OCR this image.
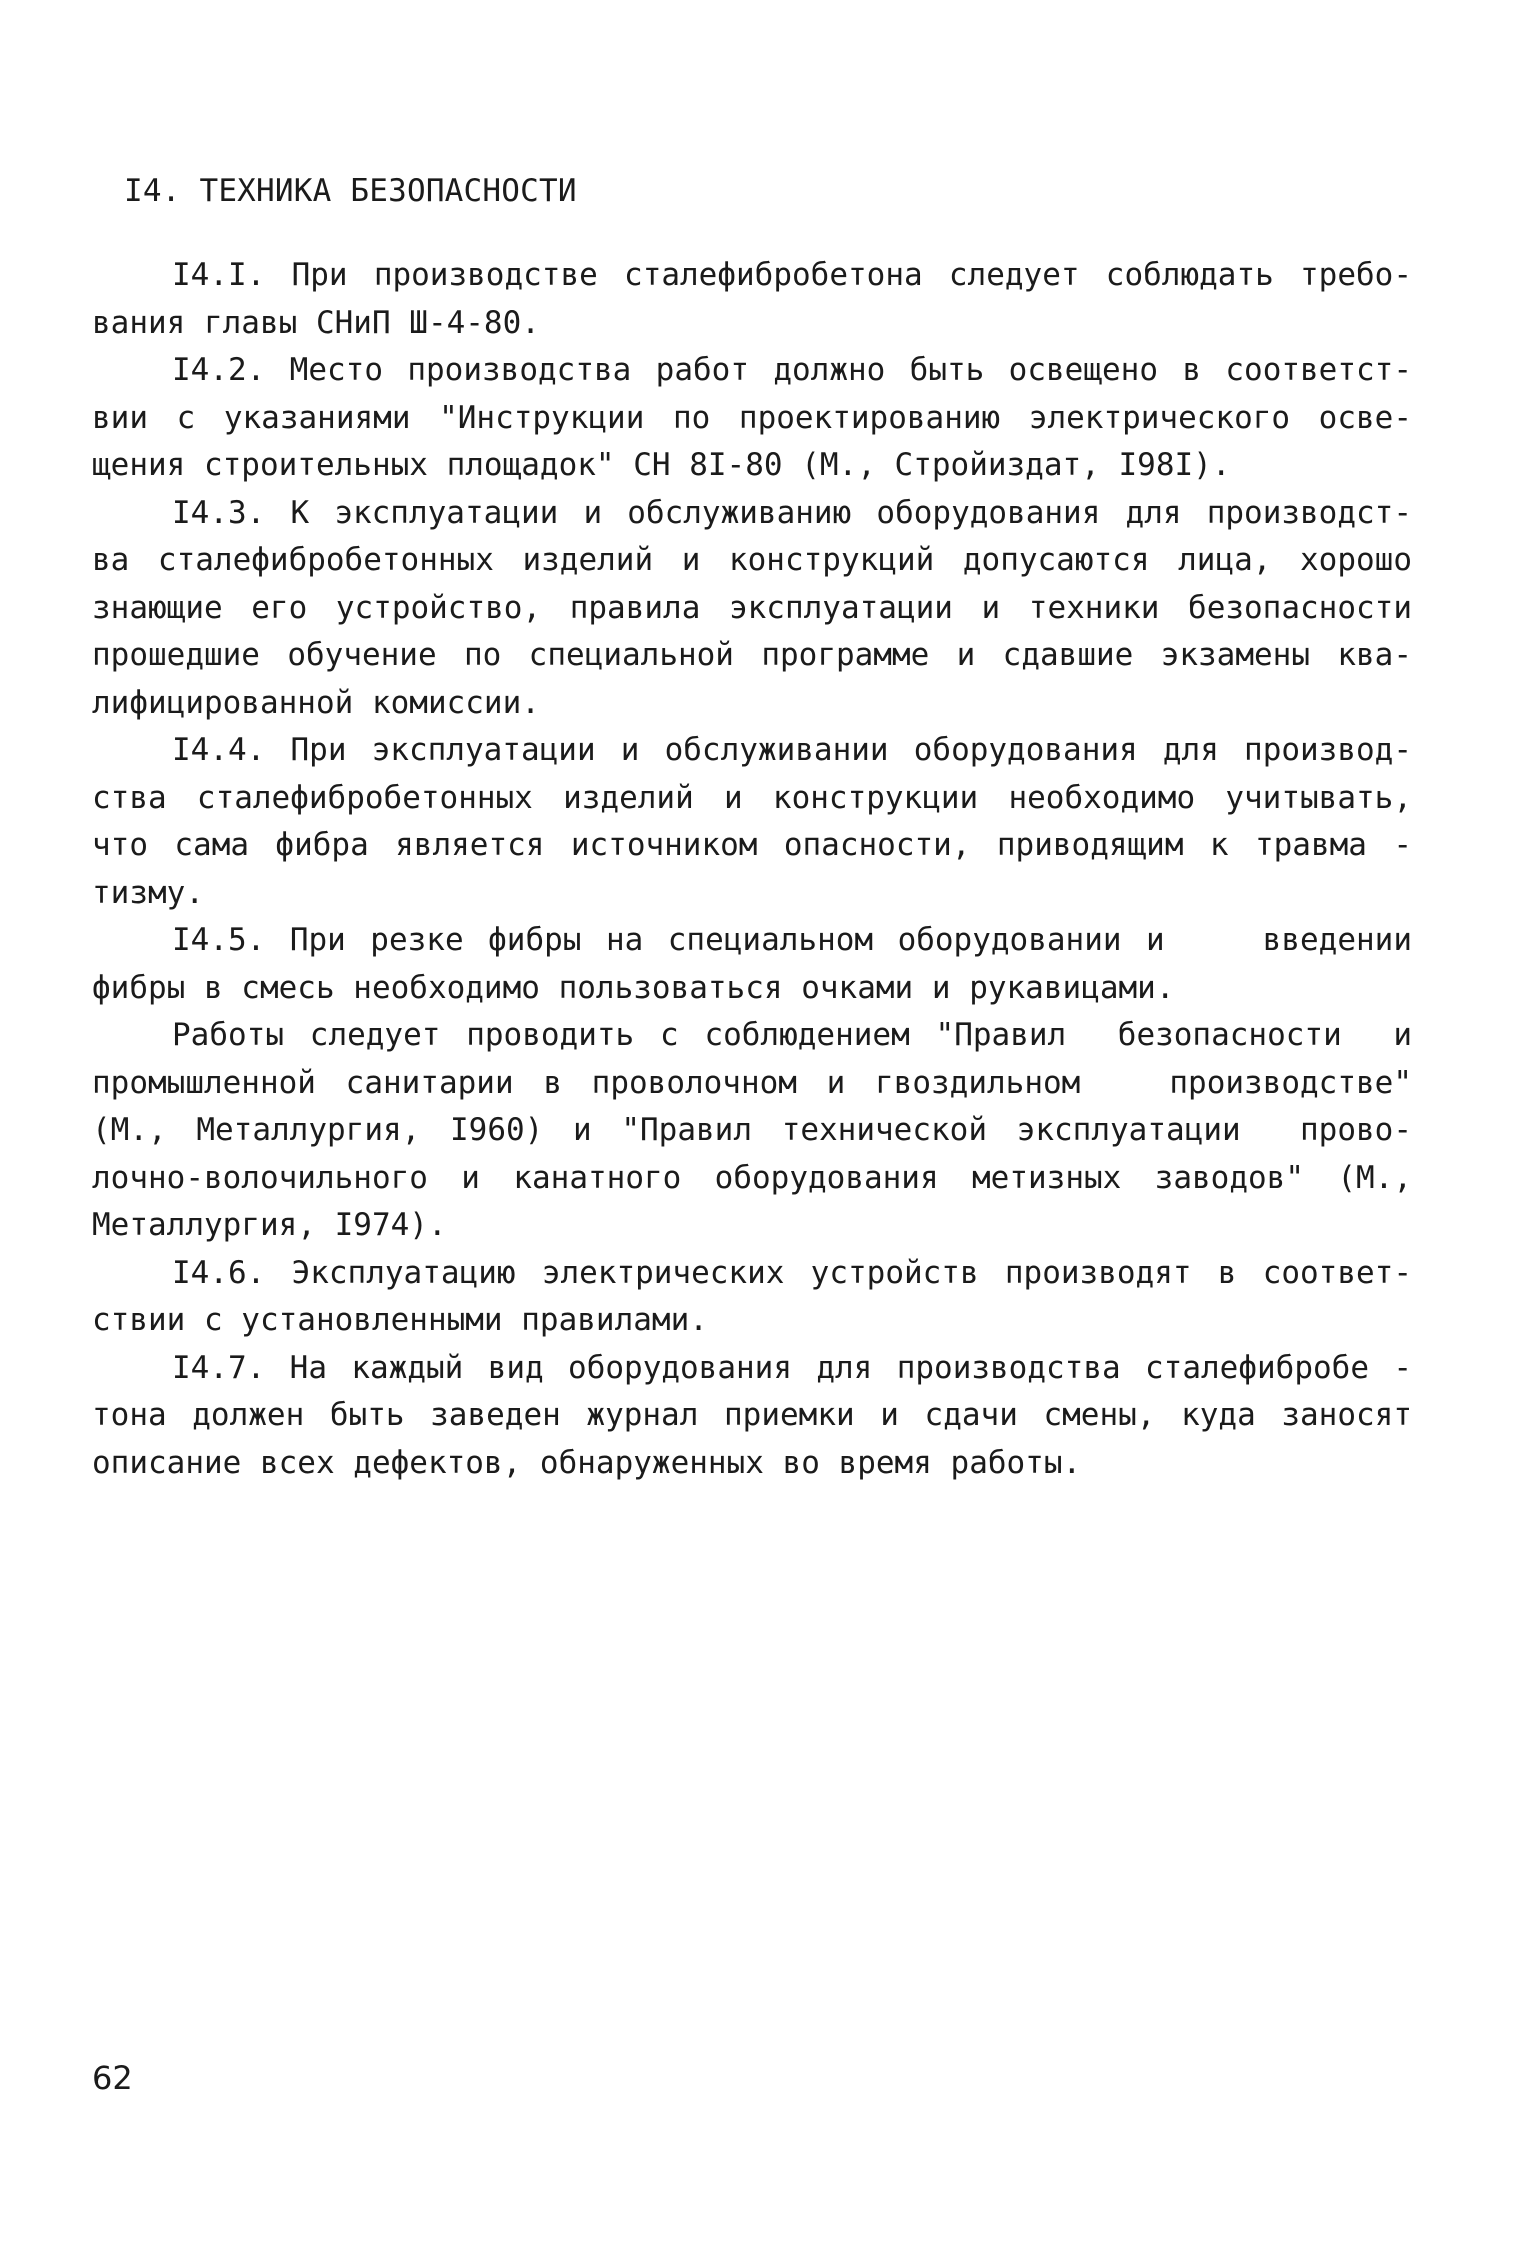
I4. ТЕХНИКА БЕЗОПАСНОСТИ
I4.I. При производстве сталефибробетона следует соблюдать требо-
вания главы СНиП Ш-4-80.
I4.2. Место производства работ должно быть освещено в соответст-
вии с указаниями "Инструкции по проектированию электрического осве-
щения строительных площадок" СН 8I-80 (М., Стройиздат, I98I).
I4.3. К эксплуатации и обслуживанию оборудования для производст-
ва сталефибробетонных изделий и конструкций допусаются лица, хорошо
знающие его устройство, правила эксплуатации и техники безопасности
прошедшие обучение по специальной программе и сдавшие экзамены ква-
лифицированной комиссии.
I4.4. При эксплуатации и обслуживании оборудования для производ-
ства сталефибробетонных изделий и конструкции необходимо учитывать,
что сама фибра является источником опасности, приводящим к травма -
тизму.
I4.5. При резке фибры на специальном оборудовании и    введении
фибры в смесь необходимо пользоваться очками и рукавицами.
Работы следует проводить с соблюдением "Правил  безопасности  и
промышленной санитарии в проволочном и гвоздильном   производстве"
(М., Металлургия, I960) и "Правил технической эксплуатации  прово-
лочно-волочильного и канатного оборудования метизных заводов" (М.,
Металлургия, I974).
I4.6. Эксплуатацию электрических устройств производят в соответ-
ствии с установленными правилами.
I4.7. На каждый вид оборудования для производства сталефибробе -
тона должен быть заведен журнал приемки и сдачи смены, куда заносят
описание всех дефектов, обнаруженных во время работы.
62
